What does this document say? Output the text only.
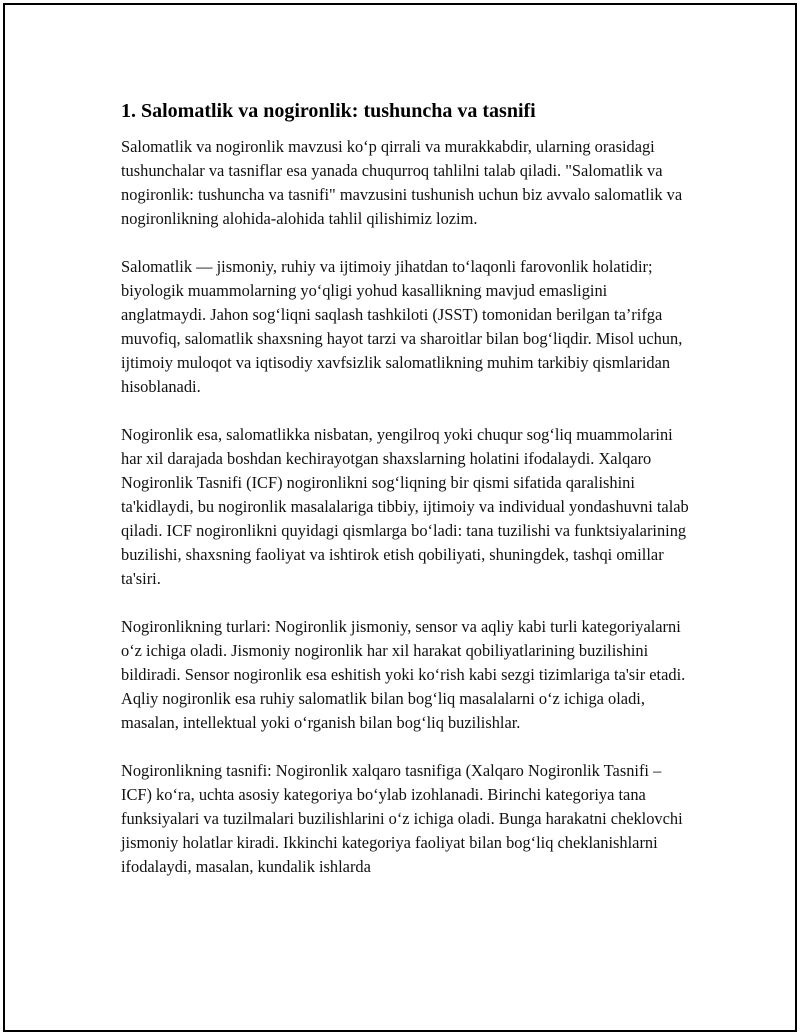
1. Salomatlik va nogironlik: tushuncha va tasnifi

Salomatlik va nogironlik mavzusi ko‘p qirrali va murakkabdir, ularning orasidagi tushunchalar va tasniflar esa yanada chuqurroq tahlilni talab qiladi. "Salomatlik va nogironlik: tushuncha va tasnifi" mavzusini tushunish uchun biz avvalo salomatlik va nogironlikning alohida-alohida tahlil qilishimiz lozim.

Salomatlik — jismoniy, ruhiy va ijtimoiy jihatdan to‘laqonli farovonlik holatidir; biyologik muammolarning yo‘qligi yohud kasallikning mavjud emasligini anglatmaydi. Jahon sog‘liqni saqlash tashkiloti (JSST) tomonidan berilgan ta’rifga muvofiq, salomatlik shaxsning hayot tarzi va sharoitlar bilan bog‘liqdir. Misol uchun, ijtimoiy muloqot va iqtisodiy xavfsizlik salomatlikning muhim tarkibiy qismlaridan hisoblanadi.

Nogironlik esa, salomatlikka nisbatan, yengilroq yoki chuqur sog‘liq muammolarini har xil darajada boshdan kechirayotgan shaxslarning holatini ifodalaydi. Xalqaro Nogironlik Tasnifi (ICF) nogironlikni sog‘liqning bir qismi sifatida qaralishini ta'kidlaydi, bu nogironlik masalalariga tibbiy, ijtimoiy va individual yondashuvni talab qiladi. ICF nogironlikni quyidagi qismlarga bo‘ladi: tana tuzilishi va funktsiyalarining buzilishi, shaxsning faoliyat va ishtirok etish qobiliyati, shuningdek, tashqi omillar ta'siri.

Nogironlikning turlari: Nogironlik jismoniy, sensor va aqliy kabi turli kategoriyalarni o‘z ichiga oladi. Jismoniy nogironlik har xil harakat qobiliyatlarining buzilishini bildiradi. Sensor nogironlik esa eshitish yoki ko‘rish kabi sezgi tizimlariga ta'sir etadi. Aqliy nogironlik esa ruhiy salomatlik bilan bog‘liq masalalarni o‘z ichiga oladi, masalan, intellektual yoki o‘rganish bilan bog‘liq buzilishlar.

Nogironlikning tasnifi: Nogironlik xalqaro tasnifiga (Xalqaro Nogironlik Tasnifi – ICF) ko‘ra, uchta asosiy kategoriya bo‘ylab izohlanadi. Birinchi kategoriya tana funksiyalari va tuzilmalari buzilishlarini o‘z ichiga oladi. Bunga harakatni cheklovchi jismoniy holatlar kiradi. Ikkinchi kategoriya faoliyat bilan bog‘liq cheklanishlarni ifodalaydi, masalan, kundalik ishlarda
